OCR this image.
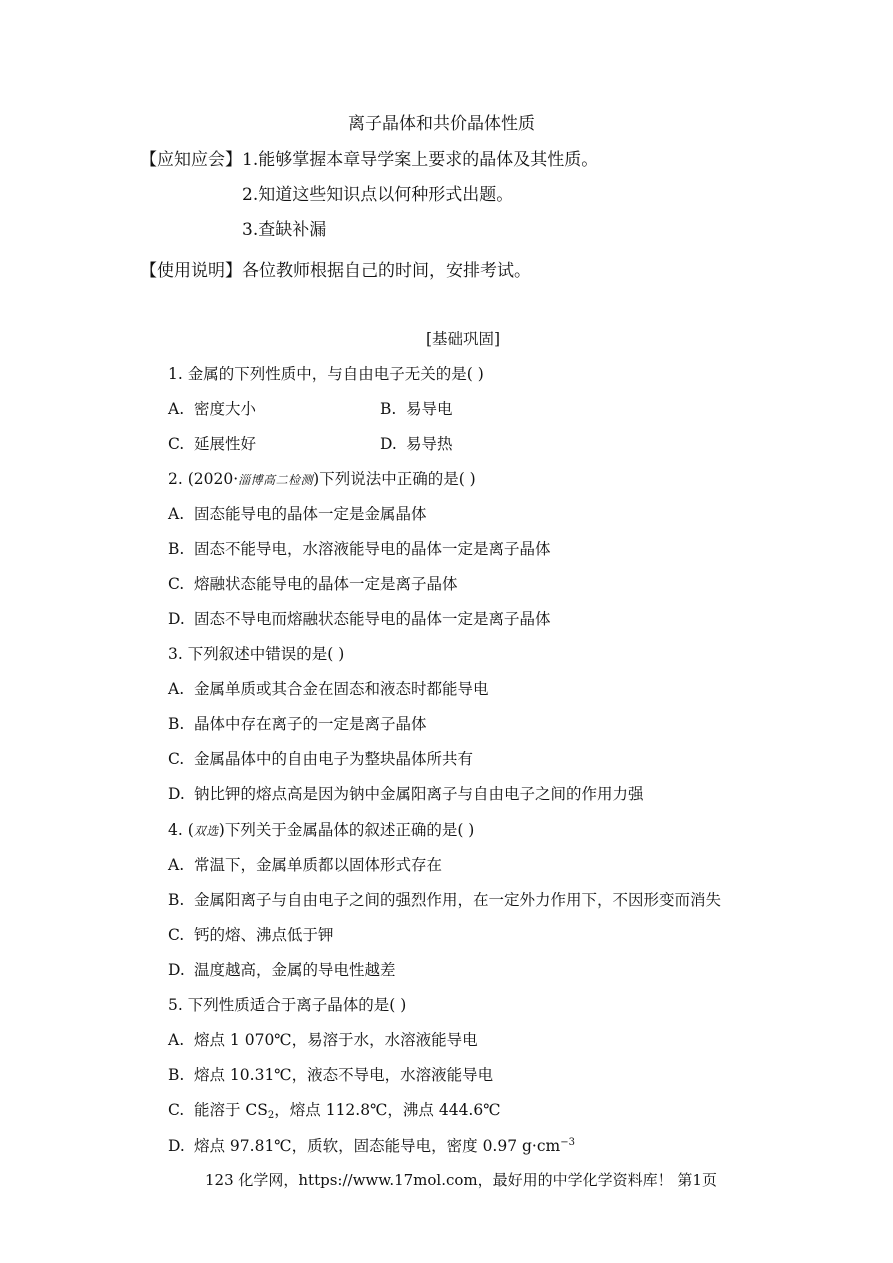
离子晶体和共价晶体性质
【应知应会】1.能够掌握本章导学案上要求的晶体及其性质。
2.知道这些知识点以何种形式出题。
3.查缺补漏
【使用说明】各位教师根据自己的时间，安排考试。
[基础巩固]
1. 金属的下列性质中，与自由电子无关的是( )
A. 密度大小	B. 易导电
C. 延展性好	D. 易导热
2. (2020·淄博高二检测)下列说法中正确的是( )
A. 固态能导电的晶体一定是金属晶体
B. 固态不能导电，水溶液能导电的晶体一定是离子晶体
C. 熔融状态能导电的晶体一定是离子晶体
D. 固态不导电而熔融状态能导电的晶体一定是离子晶体
3. 下列叙述中错误的是( )
A. 金属单质或其合金在固态和液态时都能导电
B. 晶体中存在离子的一定是离子晶体
C. 金属晶体中的自由电子为整块晶体所共有
D. 钠比钾的熔点高是因为钠中金属阳离子与自由电子之间的作用力强
4. (双选)下列关于金属晶体的叙述正确的是( )
A. 常温下，金属单质都以固体形式存在
B. 金属阳离子与自由电子之间的强烈作用，在一定外力作用下，不因形变而消失
C. 钙的熔、沸点低于钾
D. 温度越高，金属的导电性越差
5. 下列性质适合于离子晶体的是( )
A. 熔点 1 070℃，易溶于水，水溶液能导电
B. 熔点 10.31℃，液态不导电，水溶液能导电
C. 能溶于 $CS_2$，熔点 112.8℃，沸点 444.6℃
D. 熔点 97.81℃，质软，固态能导电，密度 0.97 $g\cdot cm^{-3}$
123 化学网，https://www.17mol.com，最好用的中学化学资料库！ 第1页
